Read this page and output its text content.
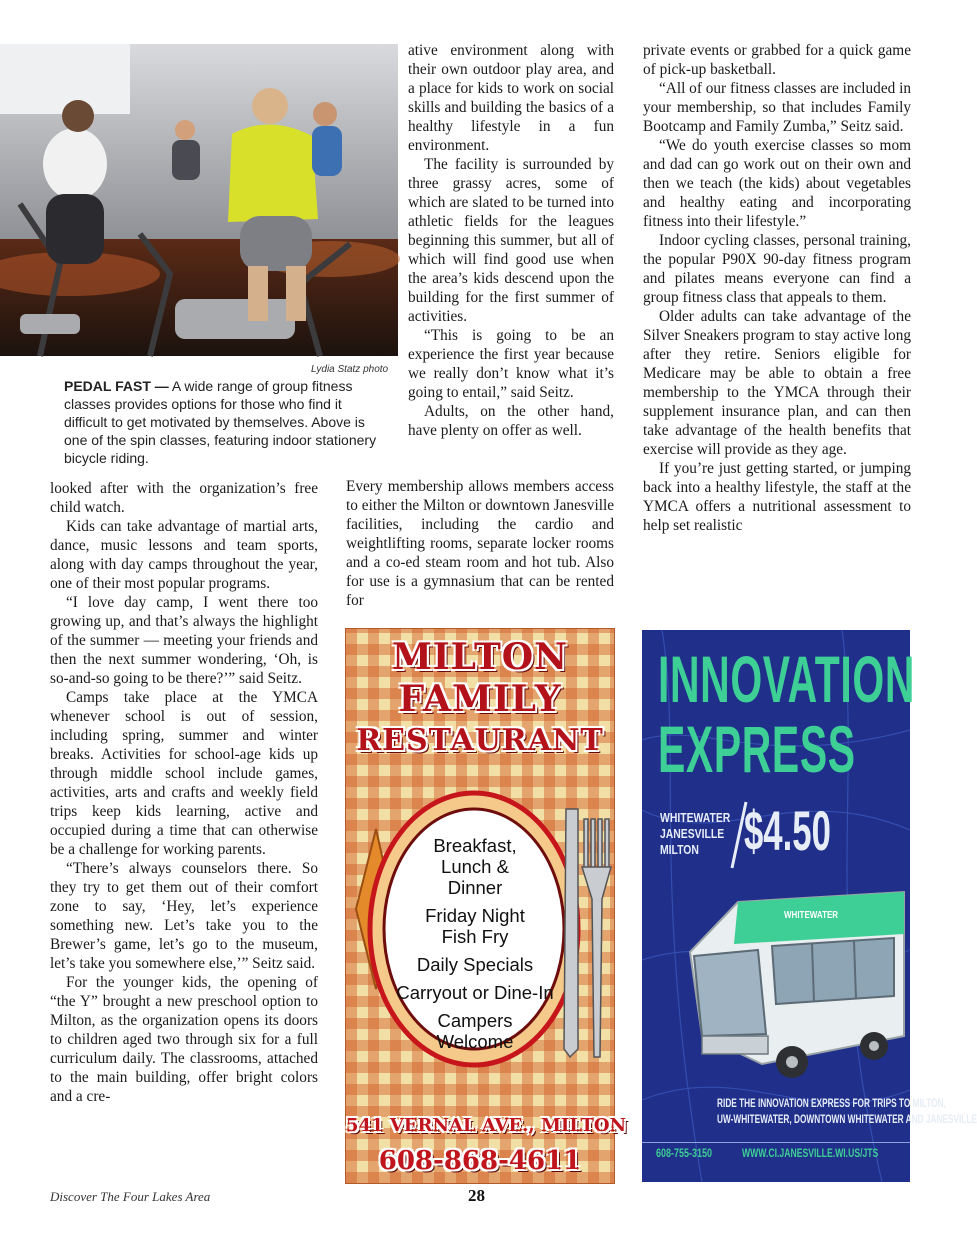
Lydia Statz photo
PEDAL FAST — A wide range of group fitness classes provides options for those who find it difficult to get motivated by themselves. Above is one of the spin classes, featuring indoor stationery bicycle riding.

looked after with the organization’s free child watch.

Kids can take advantage of martial arts, dance, music lessons and team sports, along with day camps throughout the year, one of their most popular programs.

“I love day camp, I went there too growing up, and that’s always the highlight of the summer — meeting your friends and then the next summer wondering, ‘Oh, is so-and-so going to be there?’” said Seitz.

Camps take place at the YMCA whenever school is out of session, including spring, summer and winter breaks. Activities for school-age kids up through middle school include games, activities, arts and crafts and weekly field trips keep kids learning, active and occupied during a time that can otherwise be a challenge for working parents.

“There’s always counselors there. So they try to get them out of their comfort zone to say, ‘Hey, let’s experience something new. Let’s take you to the Brewer’s game, let’s go to the museum, let’s take you somewhere else,’” Seitz said.

For the younger kids, the opening of “the Y” brought a new preschool option to Milton, as the organization opens its doors to children aged two through six for a full curriculum daily. The classrooms, attached to the main building, offer bright colors and a cre-

ative environment along with their own outdoor play area, and a place for kids to work on social skills and building the basics of a healthy lifestyle in a fun environment.

The facility is surrounded by three grassy acres, some of which are slated to be turned into athletic fields for the leagues beginning this summer, but all of which will find good use when the area’s kids descend upon the building for the first summer of activities.

“This is going to be an experience the first year because we really don’t know what it’s going to entail,” said Seitz.

Adults, on the other hand, have plenty on offer as well.

Every membership allows members access to either the Milton or downtown Janesville facilities, including the cardio and weightlifting rooms, separate locker rooms and a co-ed steam room and hot tub. Also for use is a gymnasium that can be rented for

private events or grabbed for a quick game of pick-up basketball.

“All of our fitness classes are included in your membership, so that includes Family Bootcamp and Family Zumba,” Seitz said.

“We do youth exercise classes so mom and dad can go work out on their own and then we teach (the kids) about vegetables and healthy eating and incorporating fitness into their lifestyle.”

Indoor cycling classes, personal training, the popular P90X 90-day fitness program and pilates means everyone can find a group fitness class that appeals to them.

Older adults can take advantage of the Silver Sneakers program to stay active long after they retire. Seniors eligible for Medicare may be able to obtain a free membership to the YMCA through their supplement insurance plan, and can then take advantage of the health benefits that exercise will provide as they age.

If you’re just getting started, or jumping back into a healthy lifestyle, the staff at the YMCA offers a nutritional assessment to help set realistic

MILTON
FAMILY
RESTAURANT
Breakfast,
Lunch &
Dinner
Friday Night
Fish Fry
Daily Specials
Carryout or Dine-In
Campers
Welcome
541 VERNAL AVE., MILTON
608-868-4611
INNOVATION
EXPRESS
WHITEWATER
JANESVILLE
MILTON $4.50
WHITEWATER
RIDE THE INNOVATION EXPRESS FOR TRIPS TO MILTON,
UW-WHITEWATER, DOWNTOWN WHITEWATER AND JANESVILLE
608-755-3150 WWW.CI.JANESVILLE.WI.US/JTS
Discover The Four Lakes Area	28
